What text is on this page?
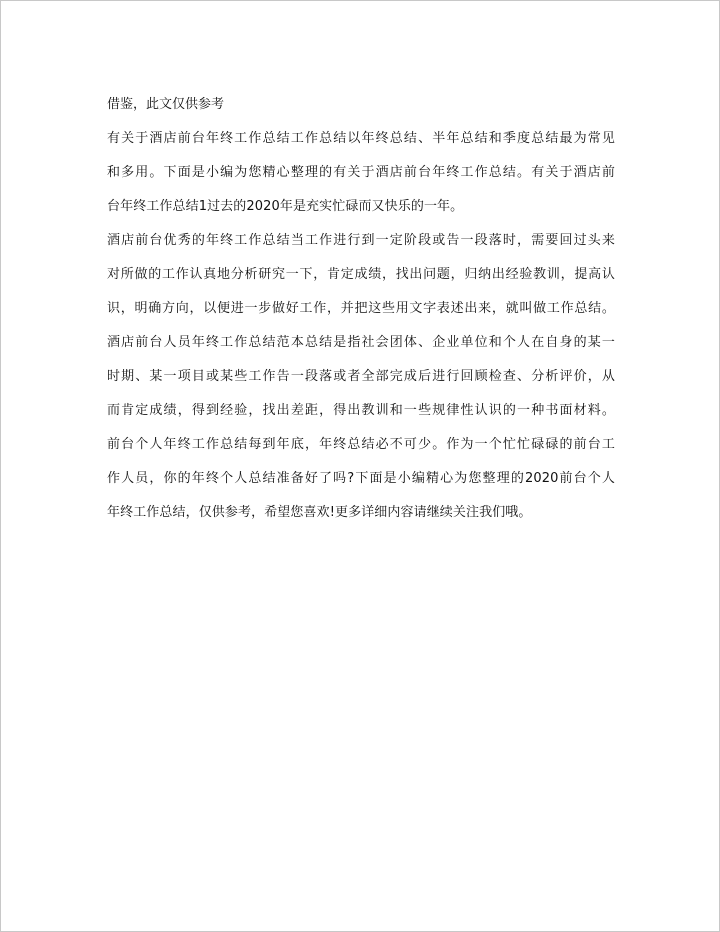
借鉴，此文仅供参考
有关于酒店前台年终工作总结工作总结以年终总结、半年总结和季度总结最为常见
和多用。下面是小编为您精心整理的有关于酒店前台年终工作总结。有关于酒店前
台年终工作总结1过去的2020年是充实忙碌而又快乐的一年。
酒店前台优秀的年终工作总结当工作进行到一定阶段或告一段落时，需要回过头来
对所做的工作认真地分析研究一下，肯定成绩，找出问题，归纳出经验教训，提高认
识，明确方向，以便进一步做好工作，并把这些用文字表述出来，就叫做工作总结。
酒店前台人员年终工作总结范本总结是指社会团体、企业单位和个人在自身的某一
时期、某一项目或某些工作告一段落或者全部完成后进行回顾检查、分析评价，从
而肯定成绩，得到经验，找出差距，得出教训和一些规律性认识的一种书面材料。
前台个人年终工作总结每到年底，年终总结必不可少。作为一个忙忙碌碌的前台工
作人员，你的年终个人总结准备好了吗?下面是小编精心为您整理的2020前台个人
年终工作总结，仅供参考，希望您喜欢!更多详细内容请继续关注我们哦。
